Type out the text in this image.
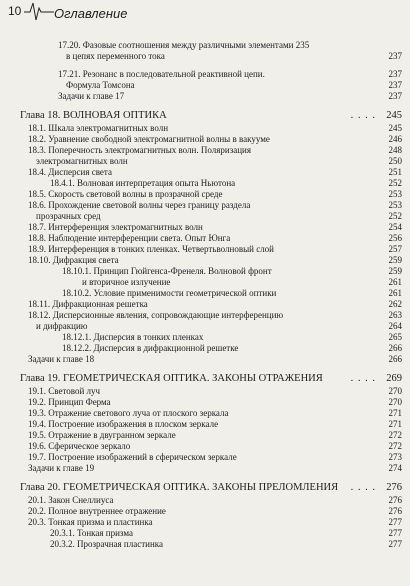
10	Оглавление
17.20. Фазовые соотношения между различными элементами 235
в цепях переменного тока	237
17.21. Резонанс в последовательной реактивной цепи.	237
Формула Томсона	237
Задачи к главе 17	237
Глава 18. ВОЛНОВАЯ ОПТИКА	. . . . 245
18.1. Шкала электромагнитных волн	245
18.2. Уравнение свободной электромагнитной волны в вакууме	246
18.3. Поперечность электромагнитных волн. Поляризация	248
электромагнитных волн	250
18.4. Дисперсия света	251
18.4.1. Волновая интерпретация опыта Ньютона	252
18.5. Скорость световой волны в прозрачной среде	253
18.6. Прохождение световой волны через границу раздела	253
прозрачных сред	252
18.7. Интерференция электромагнитных волн	254
18.8. Наблюдение интерференции света. Опыт Юнга	256
18.9. Интерференция в тонких пленках. Четвертьволновый слой	257
18.10. Дифракция света	259
18.10.1. Принцип Гюйгенса-Френеля. Волновой фронт	259
и вторичное излучение	261
18.10.2. Условие применимости геометрической оптики	261
18.11. Дифракционная решетка	262
18.12. Дисперсионные явления, сопровождающие интерференцию	263
и дифракцию	264
18.12.1. Дисперсия в тонких пленках	265
18.12.2. Дисперсия в дифракционной решетке	266
Задачи к главе 18	266
Глава 19. ГЕОМЕТРИЧЕСКАЯ ОПТИКА. ЗАКОНЫ ОТРАЖЕНИЯ	. . . . 269
19.1. Световой луч	270
19.2. Принцип Ферма	270
19.3. Отражение светового луча от плоского зеркала	271
19.4. Построение изображения в плоском зеркале	271
19.5. Отражение в двугранном зеркале	272
19.6. Сферическое зеркало	272
19.7. Построение изображений в сферическом зеркале	273
Задачи к главе 19	274
Глава 20. ГЕОМЕТРИЧЕСКАЯ ОПТИКА. ЗАКОНЫ ПРЕЛОМЛЕНИЯ . . . . 276
20.1. Закон Снеллиуса	276
20.2. Полное внутреннее отражение	276
20.3. Тонкая призма и пластинка	277
20.3.1. Тонкая призма	277
20.3.2. Прозрачная пластинка	277
